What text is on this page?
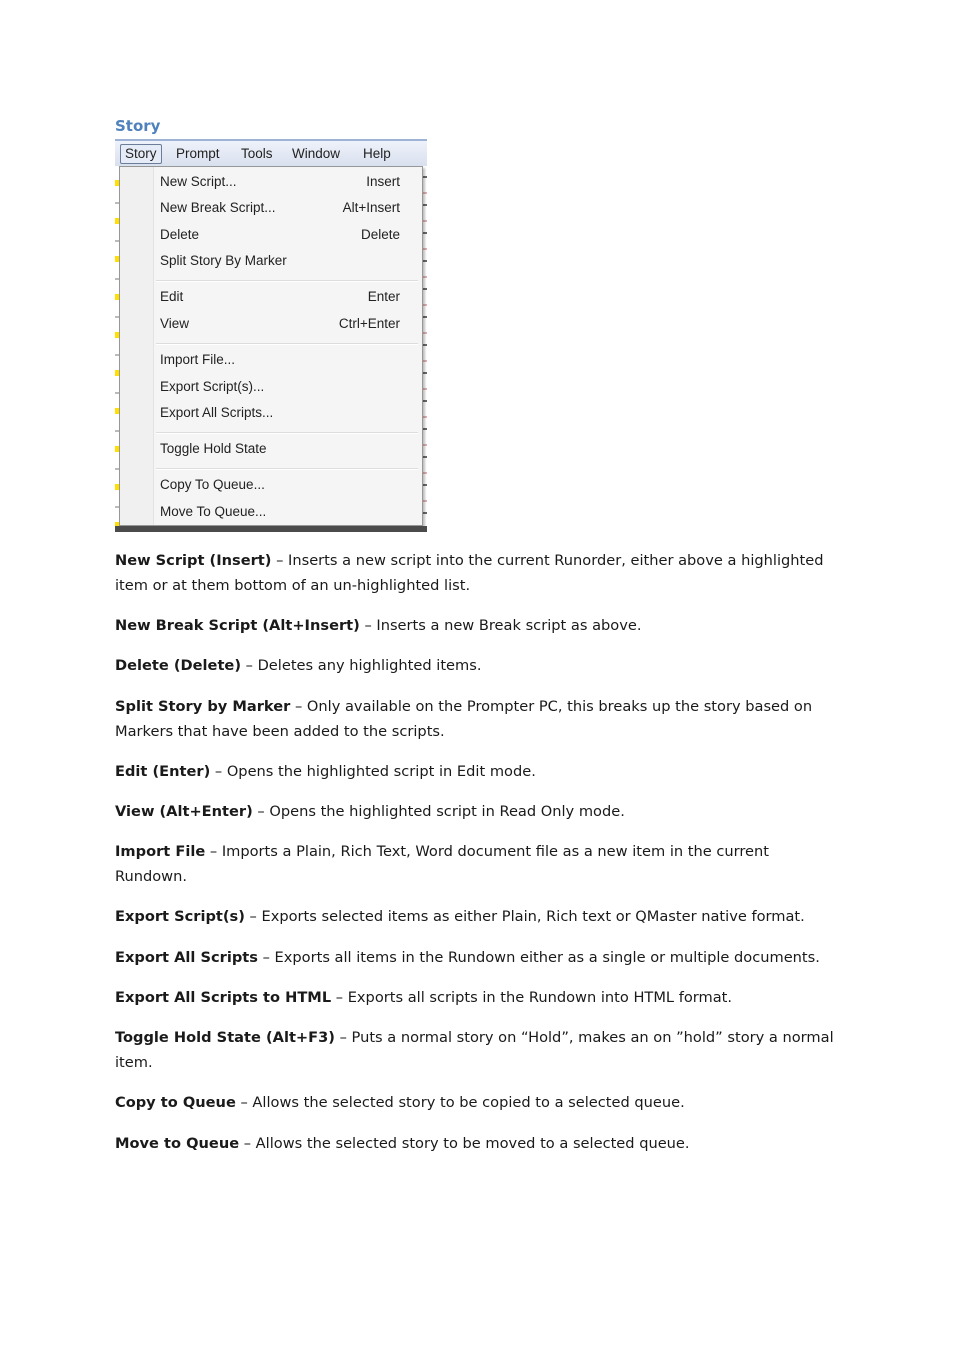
Story
Story	Prompt Tools Window Help
New Script...	Insert
New Break Script...	Alt+Insert
Delete	Delete
Split Story By Marker
Edit	Enter
View	Ctrl+Enter
Import File...
Export Script(s)...
Export All Scripts...
Toggle Hold State
Copy To Queue...
Move To Queue...
New Script (Insert) – Inserts a new script into the current Runorder, either above a highlighted item or at them bottom of an un-highlighted list.
New Break Script (Alt+Insert) – Inserts a new Break script as above.
Delete (Delete) – Deletes any highlighted items.
Split Story by Marker – Only available on the Prompter PC, this breaks up the story based on Markers that have been added to the scripts.
Edit (Enter) – Opens the highlighted script in Edit mode.
View (Alt+Enter) – Opens the highlighted script in Read Only mode.
Import File – Imports a Plain, Rich Text, Word document file as a new item in the current Rundown.
Export Script(s) – Exports selected items as either Plain, Rich text or QMaster native format.
Export All Scripts – Exports all items in the Rundown either as a single or multiple documents.
Export All Scripts to HTML – Exports all scripts in the Rundown into HTML format.
Toggle Hold State (Alt+F3) – Puts a normal story on “Hold”, makes an on ”hold” story a normal item.
Copy to Queue – Allows the selected story to be copied to a selected queue.
Move to Queue – Allows the selected story to be moved to a selected queue.
